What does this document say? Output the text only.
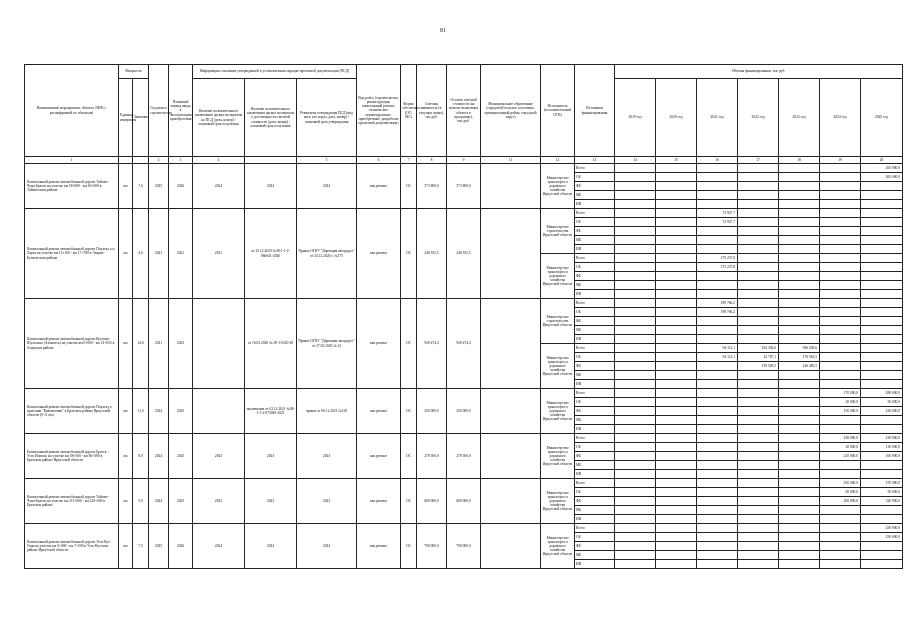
81
Наименование мероприятия, объекта, ПИР (с расшифровкой по объектам)	Мощность		Год начала строительства	Плановый период ввода в эксплуатацию/приобретения	Информация о наличии утвержденной в установленном порядке проектной документации (ПСД)			Вид работ (строительство, реконструкция, капитальный ремонт, техническое перевооружение, приобретение, разработка проектной документации)	Форма собственности (ОС/МС)	Сметная стоимость (в текущих ценах), тыс.руб.	Остаток сметной стоимости (на момент включения объекта в программу), тыс.руб.	Муниципальное образование (городской/сельское поселение, муниципальный район, городской округ)	Исполнитель (исполнительный ОГВ)	Источники финансирования	Объемы финансирования, тыс руб.						
	Единица измерения	Значение			Наличие положительного заключения органа экспертизы на ПСД (дата, номер) / плановый срок получения	Наличие положительного заключения органа экспертизы о достоверности сметной стоимости (дата, номер) / плановый срок получения	Реквизиты утверждения ПСД (вид акта, кто издал, дата, номер) / плановый срок утверждения								2019 год	2020 год	2021 год	2022 год	2023 год	2024 год	2025 год
1			2	3	4		5	6	7	8	9	11	12	13	14	15	16	17	18	19	20
Капитальный ремонт автомобильной дороги Тайшет-Чуна-Братск на участке км 58+000 - км 65+000 в Тайшетском районе	км	7,6	2025	2026	2024	2024	2024	кап.ремонт	ОС	573 800,0	573 800,0		Министерство транспорта и дорожного хозяйства Иркутской области	Всего							265 000,0
														ОБ							265 000,0
														ФБ							
														МБ							
														ИИ							
Капитальный ремонт автомобильной дороги Подъезд к п. Харат на участке км 13+100 - км 17+700 в Эхирит-Булагатском районе	км	4,6	2021	2021	2021	от 25.12.2020 №38-1-1-2-066641-2020	Приказ ОГКУ "Дирекция автодорог" от 24.12.2020 г. №175	кап.ремонт	ОС	248 165,5	248 165,5		Министерство строительства Иркутской области	Всего			72 927,7				
														ОБ			72 927,7				
														ФБ							
														МБ							
														ИИ							
													Министерство транспорта и дорожного хозяйства Иркутской области	Всего			175 237,8				
														ОБ			175 237,8				
														ФБ							
														МБ							
														ИИ							
Капитальный ремонт автомобильной дороги Кутулик-Шульгино (Аламатск) на участке км 0+000 - км 14+035 в Аларском районе	км	14,0	2021	2023		от 16.03.2020 № 38-1-0320-20	Приказ ОГКУ "Дирекция автодорог" от 27.03.2020 № 34	кап.ремонт	ОС	928 474,4	928 474,4		Министерство строительства Иркутской области	Всего			189 766,2				
														ОБ			189 766,2				
														ФБ							
														МБ							
														ИИ							
													Министерство транспорта и дорожного хозяйства Иркутской области	Всего			94 112,1	162 336,6	396 549,6		
														ОБ			94 112,1	22 787,1	170 063,5		
														ФБ				139 549,5	226 485,5		
														МБ							
														ИИ							
Капитальный ремонт автомобильной дороги Подъезд к пристани "Кавтешовки" в Братском районе Иркутской области (0-11 км)	км	11,0	2024	2025		заключение от 02.12.2021 №38-1-1-2-073065-2021	приказ от 06.12.2021 №165	кап.ремонт	ОС	450 000,0	450 000,0		Министерство транспорта и дорожного хозяйства Иркутской области	Всего						170 000,0	280 000,0
														ОБ						20 000,0	50 000,0
														ФБ						150 000,0	230 000,0
														МБ							
														ИИ							
Капитальный ремонт автомобильной дороги Братск - Усть-Илимск на участке км 58+500 - км 66+500 в Братском районе Иркутской области	км	8,0	2024	2025	2023	2023	2023	кап.ремонт	ОС	278 500,0	278 500,0		Министерство транспорта и дорожного хозяйства Иркутской области	Всего						238 000,0	230 000,0
														ОБ						28 000,0	130 000,0
														ФБ						210 000,0	100 000,0
														МБ							
														ИИ							
Капитальный ремонт автомобильной дороги Тайшет-Чуна-Братск на участке км 213+000 - км 220+000 в Братском районе	км	5,0	2024	2025	2023	2023	2023	кап.ремонт	ОС	600 000,0	600 000,0		Министерство транспорта и дорожного хозяйства Иркутской области	Всего						250 000,0	370 000,0
														ОБ						50 000,0	50 000,0
														ФБ						200 000,0	320 000,0
														МБ							
														ИИ							
Капитальный ремонт автомобильной дороги Усть-Кут-Уоян на участке км 0+000 - км 7+500 в Усть-Кутском районе Иркутской области	км	7,5	2025	2026	2024	2024	2024	кап.ремонт	ОС	790 000,0	790 000,0		Министерство транспорта и дорожного хозяйства Иркутской области	Всего							250 000,0
														ОБ							250 000,0
														ФБ							
														МБ							
														ИИ							
